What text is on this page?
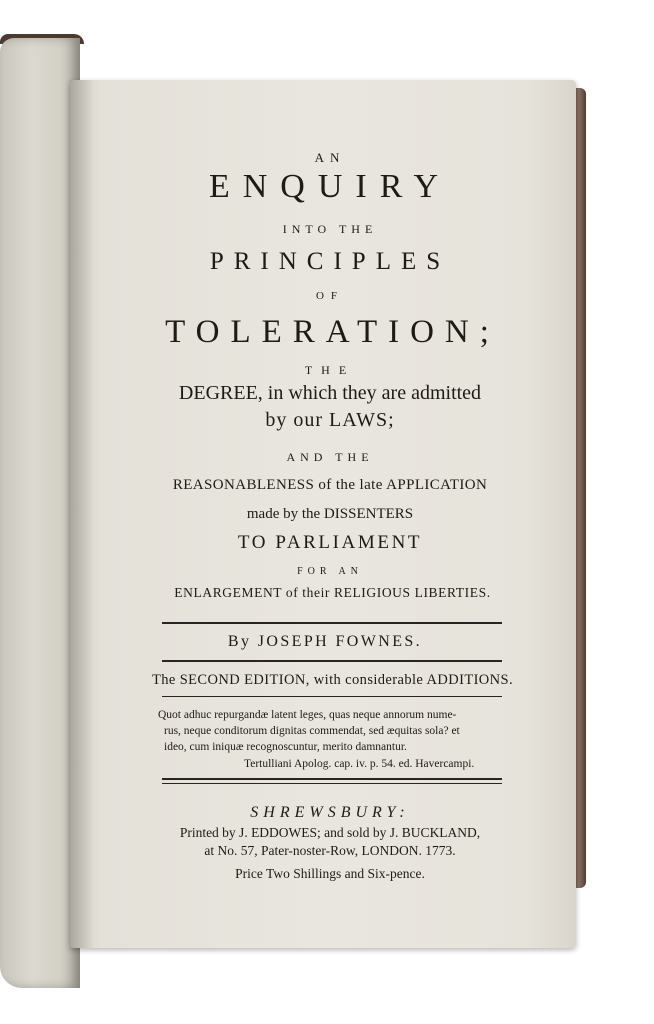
AN
ENQUIRY
INTO THE
PRINCIPLES
OF
TOLERATION;
THE
DEGREE, in which they are admitted
by our LAWS;
AND THE
REASONABLENESS of the late APPLICATION
made by the DISSENTERS
TO PARLIAMENT
FOR AN
ENLARGEMENT of their RELIGIOUS LIBERTIES.
By JOSEPH FOWNES.
The SECOND EDITION, with considerable ADDITIONS.
Quot adhuc repurgandæ latent leges, quas neque annorum nume-
rus, neque conditorum dignitas commendat, sed æquitas sola? et
ideo, cum iniquæ recognoscuntur, merito damnantur.
Tertulliani Apolog. cap. iv. p. 54. ed. Havercampi.
SHREWSBURY:
Printed by J. EDDOWES; and sold by J. BUCKLAND,
at No. 57, Pater-noster-Row, LONDON. 1773.
Price Two Shillings and Six-pence.
